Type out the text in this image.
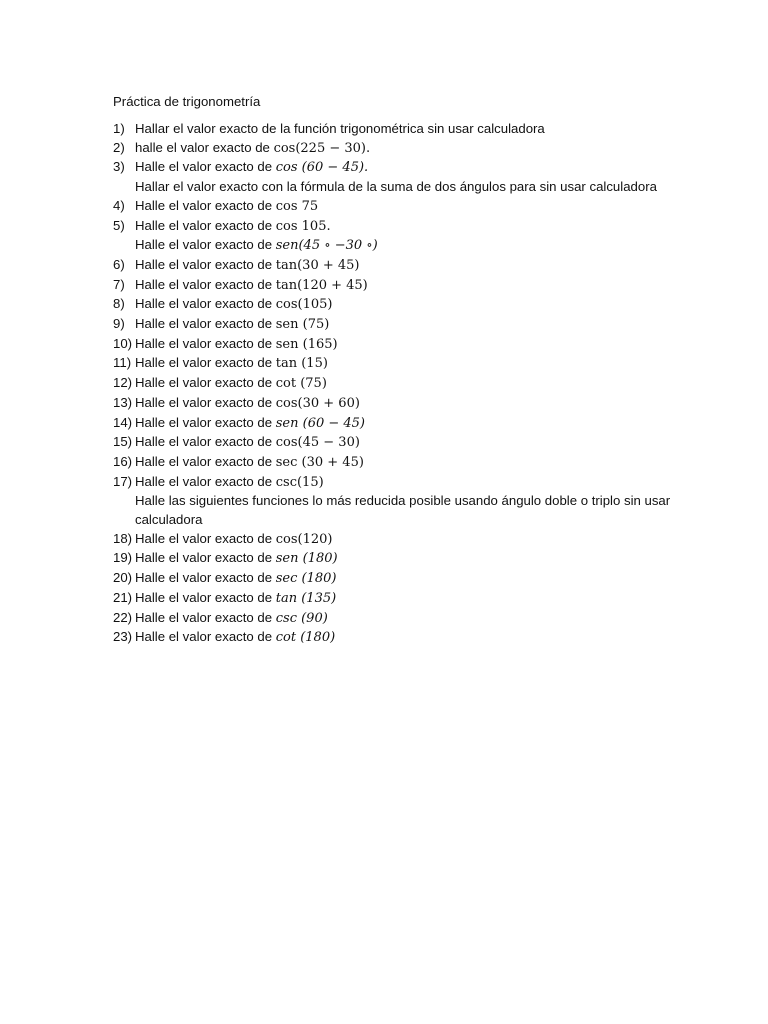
Práctica de trigonometría
1) Hallar el valor exacto de la función trigonométrica sin usar calculadora
2) halle el valor exacto de cos(225 − 30).
3) Halle el valor exacto de cos (60 − 45).
Hallar el valor exacto con la fórmula de la suma de dos ángulos para sin usar calculadora
4) Halle el valor exacto de cos 75
5) Halle el valor exacto de cos 105.
Halle el valor exacto de sen(45 ∘ −30 ∘)
6) Halle el valor exacto de tan(30 + 45)
7) Halle el valor exacto de tan(120 + 45)
8) Halle el valor exacto de cos(105)
9) Halle el valor exacto de sen (75)
10) Halle el valor exacto de sen (165)
11) Halle el valor exacto de tan (15)
12) Halle el valor exacto de cot (75)
13) Halle el valor exacto de cos(30 + 60)
14) Halle el valor exacto de sen (60 − 45)
15) Halle el valor exacto de cos(45 − 30)
16) Halle el valor exacto de sec (30 + 45)
17) Halle el valor exacto de csc(15)
Halle las siguientes funciones lo más reducida posible usando ángulo doble o triplo sin usar calculadora
18) Halle el valor exacto de cos(120)
19) Halle el valor exacto de sen (180)
20) Halle el valor exacto de sec (180)
21) Halle el valor exacto de tan (135)
22) Halle el valor exacto de csc (90)
23) Halle el valor exacto de cot (180)
